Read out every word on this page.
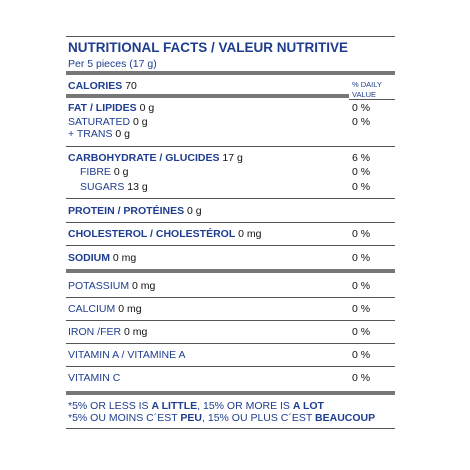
NUTRITIONAL FACTS / VALEUR NUTRITIVE
Per 5 pieces (17 g)
CALORIES 70	% DAILY
VALUE
FAT / LIPIDES 0 g	0 %
SATURATED 0 g	0 %
+ TRANS 0 g
CARBOHYDRATE / GLUCIDES 17 g	6 %
FIBRE 0 g	0 %
SUGARS 13 g	0 %
PROTEIN / PROTÉINES 0 g
CHOLESTEROL / CHOLESTÉROL 0 mg	0 %
SODIUM 0 mg	0 %
POTASSIUM 0 mg	0 %
CALCIUM 0 mg	0 %
IRON /FER 0 mg	0 %
VITAMIN A / VITAMINE A	0 %
VITAMIN C	0 %
*5% OR LESS IS A LITTLE, 15% OR MORE IS A LOT
*5% OU MOINS C´EST PEU, 15% OU PLUS C´EST BEAUCOUP
